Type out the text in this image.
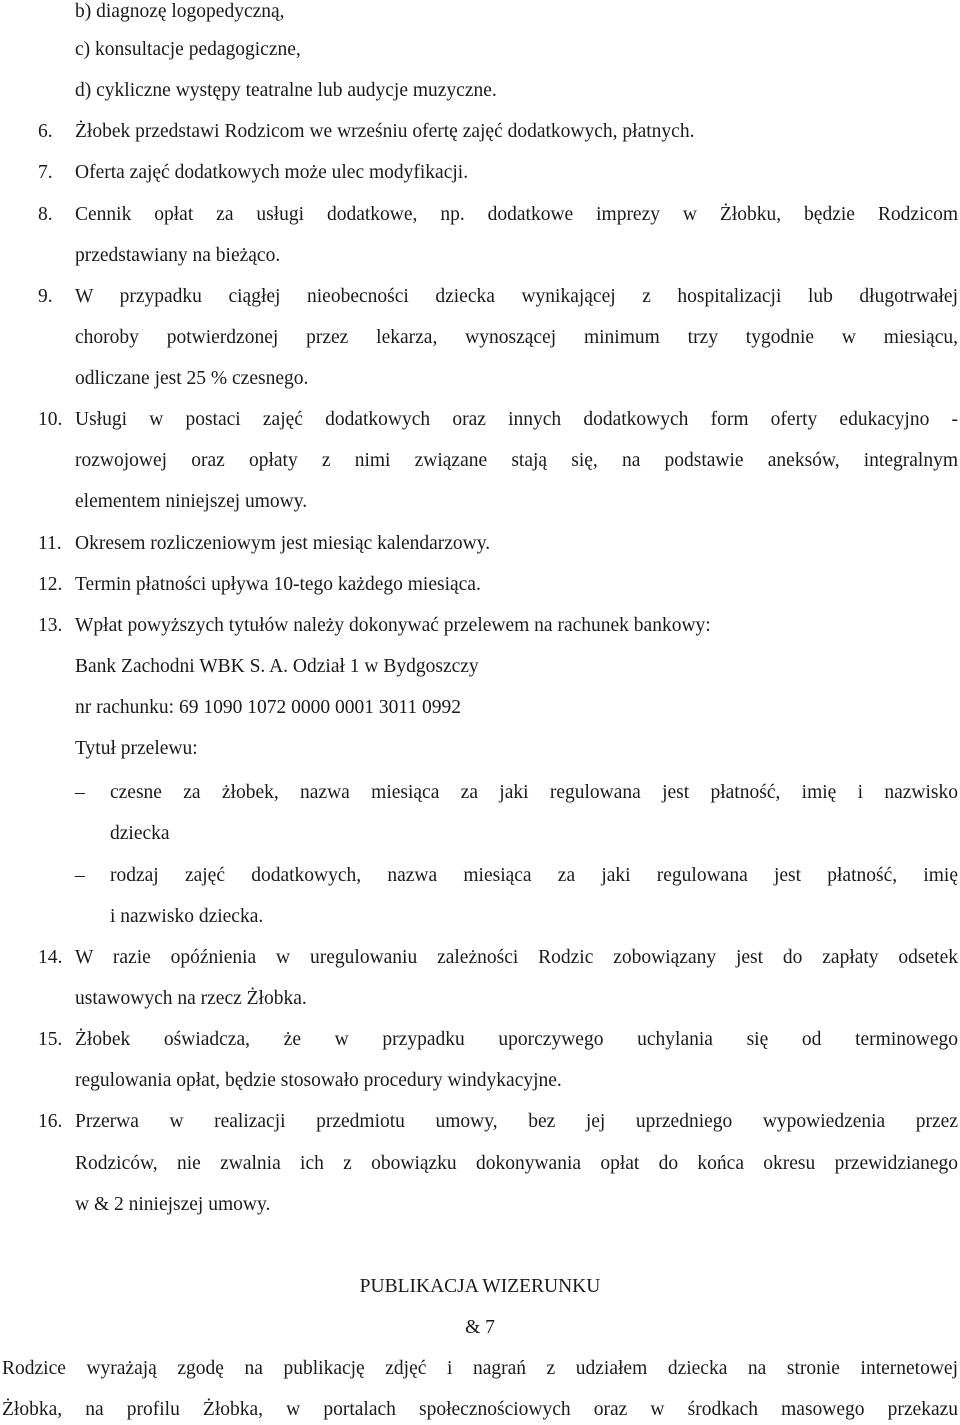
b) diagnozę logopedyczną,
c) konsultacje pedagogiczne,
d) cykliczne występy teatralne lub audycje muzyczne.
6. Żłobek przedstawi Rodzicom we wrześniu ofertę zajęć dodatkowych, płatnych.
7. Oferta zajęć dodatkowych może ulec modyfikacji.
8. Cennik opłat za usługi dodatkowe, np. dodatkowe imprezy w Żłobku, będzie Rodzicom
przedstawiany na bieżąco.
9. W przypadku ciągłej nieobecności dziecka wynikającej z hospitalizacji lub długotrwałej
choroby potwierdzonej przez lekarza, wynoszącej minimum trzy tygodnie w miesiącu,
odliczane jest 25 % czesnego.
10. Usługi w postaci zajęć dodatkowych oraz innych dodatkowych form oferty edukacyjno -
rozwojowej oraz opłaty z nimi związane stają się, na podstawie aneksów, integralnym
elementem niniejszej umowy.
11. Okresem rozliczeniowym jest miesiąc kalendarzowy.
12. Termin płatności upływa 10-tego każdego miesiąca.
13. Wpłat powyższych tytułów należy dokonywać przelewem na rachunek bankowy:
Bank Zachodni WBK S. A. Odział 1 w Bydgoszczy
nr rachunku: 69 1090 1072 0000 0001 3011 0992
Tytuł przelewu:
– czesne za żłobek, nazwa miesiąca za jaki regulowana jest płatność, imię i nazwisko
dziecka
– rodzaj zajęć dodatkowych, nazwa miesiąca za jaki regulowana jest płatność, imię
i nazwisko dziecka.
14. W razie opóźnienia w uregulowaniu zależności Rodzic zobowiązany jest do zapłaty odsetek
ustawowych na rzecz Żłobka.
15. Żłobek oświadcza, że w przypadku uporczywego uchylania się od terminowego
regulowania opłat, będzie stosowało procedury windykacyjne.
16. Przerwa w realizacji przedmiotu umowy, bez jej uprzedniego wypowiedzenia przez
Rodziców, nie zwalnia ich z obowiązku dokonywania opłat do końca okresu przewidzianego
w & 2 niniejszej umowy.
PUBLIKACJA WIZERUNKU
& 7
Rodzice wyrażają zgodę na publikację zdjęć i nagrań z udziałem dziecka na stronie internetowej
Żłobka, na profilu Żłobka, w portalach społecznościowych oraz w środkach masowego przekazu
